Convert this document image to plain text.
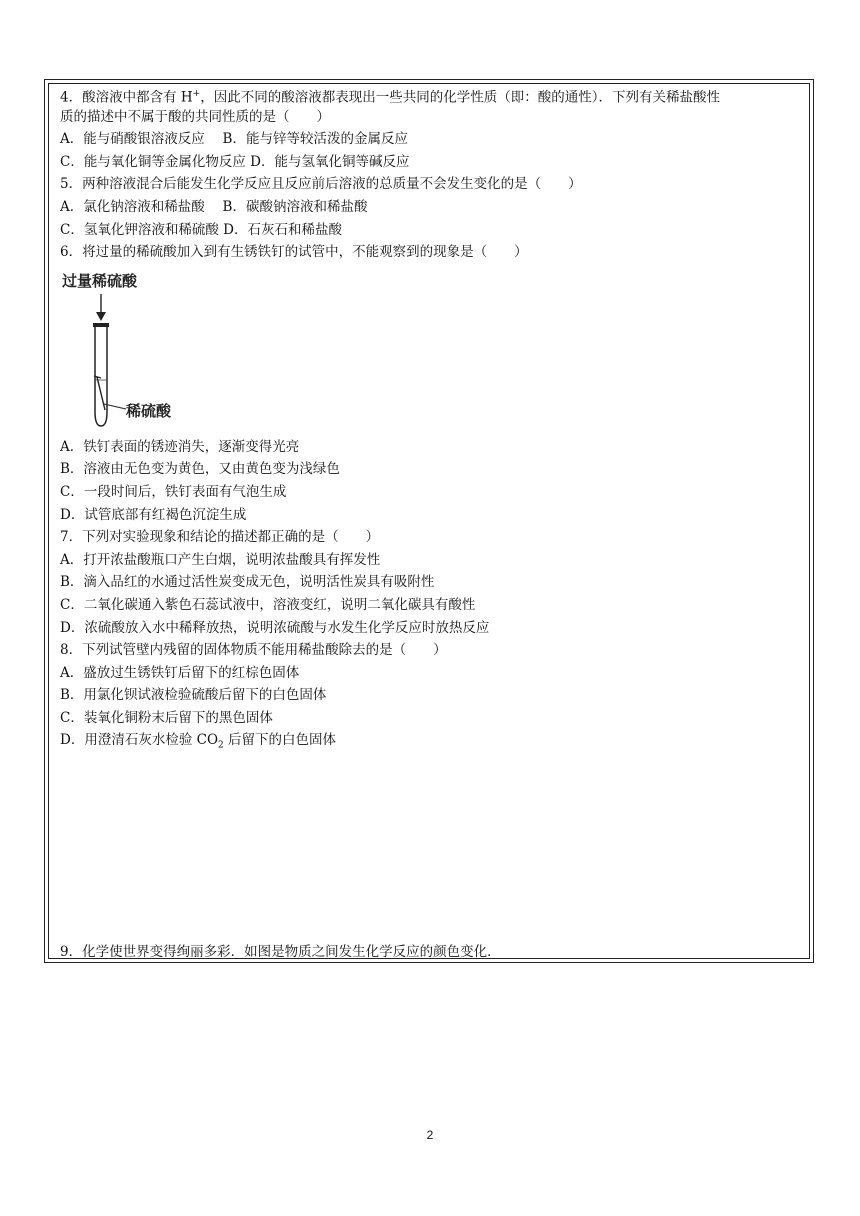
4．酸溶液中都含有 H+，因此不同的酸溶液都表现出一些共同的化学性质（即：酸的通性）．下列有关稀盐酸性
质的描述中不属于酸的共同性质的是（　　）
A．能与硝酸银溶液反应　 B．能与锌等较活泼的金属反应
C．能与氧化铜等金属化物反应 D．能与氢氧化铜等碱反应
5．两种溶液混合后能发生化学反应且反应前后溶液的总质量不会发生变化的是（　　）
A．氯化钠溶液和稀盐酸　 B．碳酸钠溶液和稀盐酸
C．氢氧化钾溶液和稀硫酸 D．石灰石和稀盐酸
6．将过量的稀硫酸加入到有生锈铁钉的试管中，不能观察到的现象是（　　）
过量稀硫酸
稀硫酸
A．铁钉表面的锈迹消失，逐渐变得光亮
B．溶液由无色变为黄色，又由黄色变为浅绿色
C．一段时间后，铁钉表面有气泡生成
D．试管底部有红褐色沉淀生成
7．下列对实验现象和结论的描述都正确的是（　　）
A．打开浓盐酸瓶口产生白烟，说明浓盐酸具有挥发性
B．滴入品红的水通过活性炭变成无色，说明活性炭具有吸附性
C．二氧化碳通入紫色石蕊试液中，溶液变红，说明二氧化碳具有酸性
D．浓硫酸放入水中稀释放热，说明浓硫酸与水发生化学反应时放热反应
8．下列试管壁内残留的固体物质不能用稀盐酸除去的是（　　）
A．盛放过生锈铁钉后留下的红棕色固体
B．用氯化钡试液检验硫酸后留下的白色固体
C．装氧化铜粉末后留下的黑色固体
D．用澄清石灰水检验 $CO_2$ 后留下的白色固体
9．化学使世界变得绚丽多彩．如图是物质之间发生化学反应的颜色变化．
2
